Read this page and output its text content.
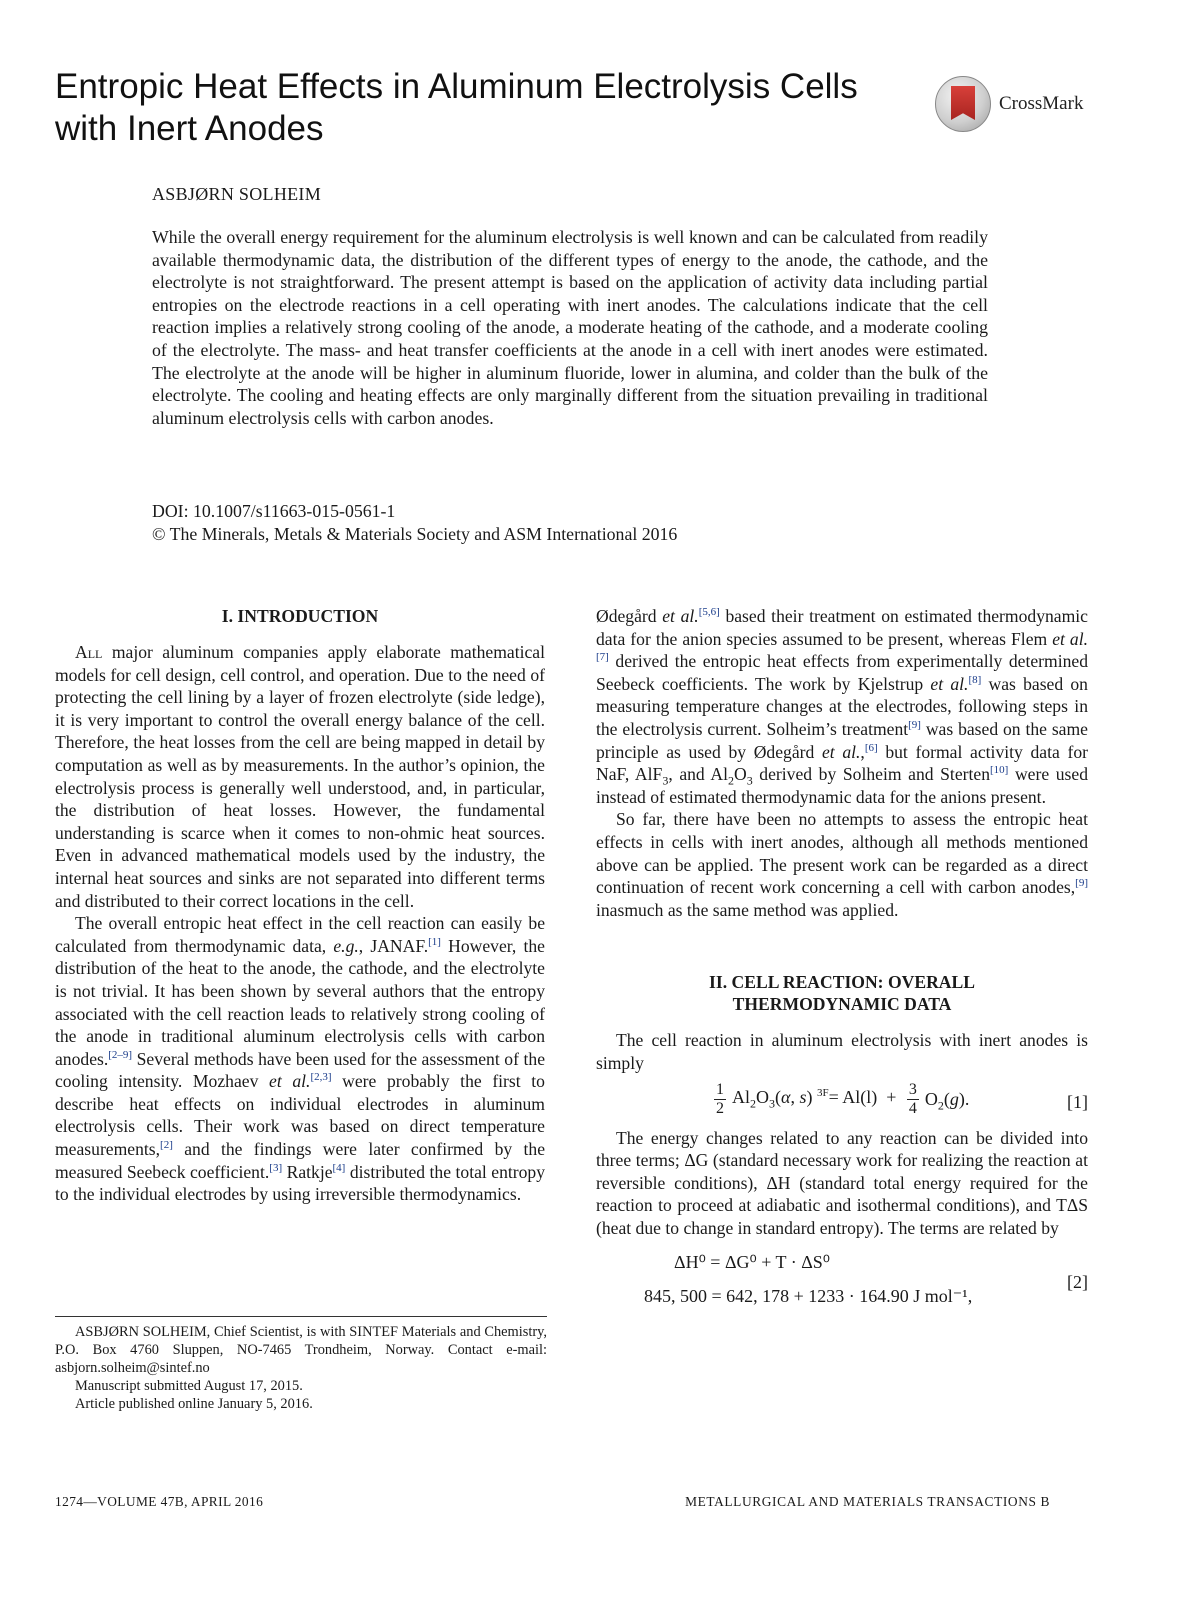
Entropic Heat Effects in Aluminum Electrolysis Cells with Inert Anodes
CrossMark
ASBJØRN SOLHEIM

While the overall energy requirement for the aluminum electrolysis is well known and can be calculated from readily available thermodynamic data, the distribution of the different types of energy to the anode, the cathode, and the electrolyte is not straightforward. The present attempt is based on the application of activity data including partial entropies on the electrode reactions in a cell operating with inert anodes. The calculations indicate that the cell reaction implies a relatively strong cooling of the anode, a moderate heating of the cathode, and a moderate cooling of the electrolyte. The mass- and heat transfer coefficients at the anode in a cell with inert anodes were estimated. The electrolyte at the anode will be higher in aluminum fluoride, lower in alumina, and colder than the bulk of the electrolyte. The cooling and heating effects are only marginally different from the situation prevailing in traditional aluminum electrolysis cells with carbon anodes.

DOI: 10.1007/s11663-015-0561-1
© The Minerals, Metals & Materials Society and ASM International 2016
I. INTRODUCTION

All major aluminum companies apply elaborate mathematical models for cell design, cell control, and operation. Due to the need of protecting the cell lining by a layer of frozen electrolyte (side ledge), it is very important to control the overall energy balance of the cell. Therefore, the heat losses from the cell are being mapped in detail by computation as well as by measurements. In the author’s opinion, the electrolysis process is generally well understood, and, in particular, the distribution of heat losses. However, the fundamental understanding is scarce when it comes to non-ohmic heat sources. Even in advanced mathematical models used by the industry, the internal heat sources and sinks are not separated into different terms and distributed to their correct locations in the cell.

The overall entropic heat effect in the cell reaction can easily be calculated from thermodynamic data, e.g., JANAF.[1] However, the distribution of the heat to the anode, the cathode, and the electrolyte is not trivial. It has been shown by several authors that the entropy associated with the cell reaction leads to relatively strong cooling of the anode in traditional aluminum electrolysis cells with carbon anodes.[2–9] Several methods have been used for the assessment of the cooling intensity. Mozhaev et al.[2,3] were probably the first to describe heat effects on individual electrodes in aluminum electrolysis cells. Their work was based on direct temperature measurements,[2] and the findings were later confirmed by the measured Seebeck coefficient.[3] Ratkje[4] distributed the total entropy to the individual electrodes by using irreversible thermodynamics.

Ødegård et al.[5,6] based their treatment on estimated thermodynamic data for the anion species assumed to be present, whereas Flem et al.[7] derived the entropic heat effects from experimentally determined Seebeck coefficients. The work by Kjelstrup et al.[8] was based on measuring temperature changes at the electrodes, following steps in the electrolysis current. Solheim’s treatment[9] was based on the same principle as used by Ødegård et al.,[6] but formal activity data for NaF, AlF$_3$, and $Al_2O_3$ derived by Solheim and Sterten[10] were used instead of estimated thermodynamic data for the anions present.

So far, there have been no attempts to assess the entropic heat effects in cells with inert anodes, although all methods mentioned above can be applied. The present work can be regarded as a direct continuation of recent work concerning a cell with carbon anodes,[9] inasmuch as the same method was applied.

II. CELL REACTION: OVERALL
THERMODYNAMIC DATA

The cell reaction in aluminum electrolysis with inert anodes is simply

$\frac{1}{2} Al_2O_3(\alpha$, s) $^{3F}= Al(l) + \frac{3}{4} O_2(g)$.	[1]

The energy changes related to any reaction can be divided into three terms; ΔG (standard necessary work for realizing the reaction at reversible conditions), ΔH (standard total energy required for the reaction to proceed at adiabatic and isothermal conditions), and TΔS (heat due to change in standard entropy). The terms are related by

ΔH⁰ = ΔG⁰ + T · ΔS⁰
845, 500 = 642, 178 + 1233 · 164.90 J mol⁻¹,
[2]

ASBJØRN SOLHEIM, Chief Scientist, is with SINTEF Materials and Chemistry, P.O. Box 4760 Sluppen, NO-7465 Trondheim, Norway. Contact e-mail: asbjorn.solheim@sintef.no

Manuscript submitted August 17, 2015.

Article published online January 5, 2016.

1274—VOLUME 47B, APRIL 2016	METALLURGICAL AND MATERIALS TRANSACTIONS B
